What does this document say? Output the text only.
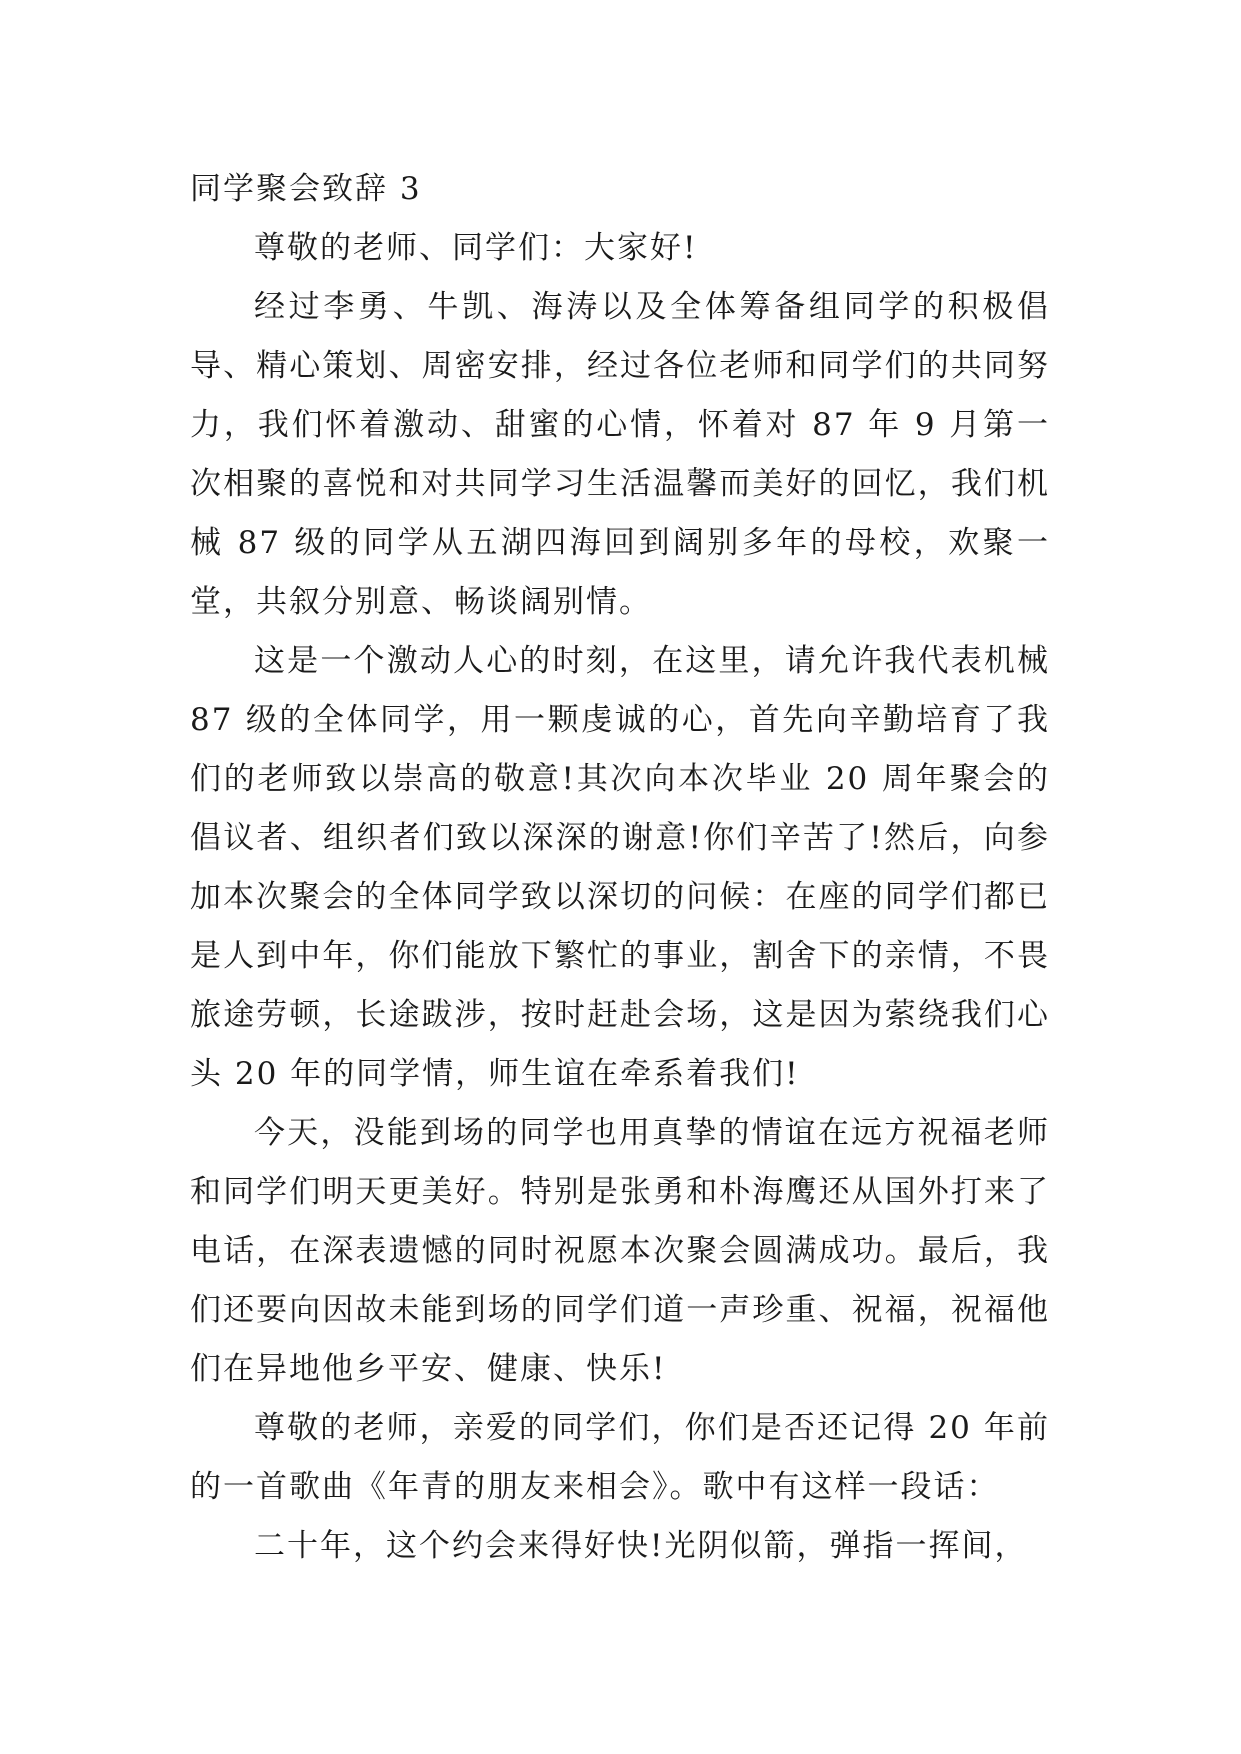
同学聚会致辞 3

尊敬的老师、同学们：大家好!

经过李勇、牛凯、海涛以及全体筹备组同学的积极倡导、精心策划、周密安排，经过各位老师和同学们的共同努力，我们怀着激动、甜蜜的心情，怀着对 87 年 9 月第一次相聚的喜悦和对共同学习生活温馨而美好的回忆，我们机械 87 级的同学从五湖四海回到阔别多年的母校，欢聚一堂，共叙分别意、畅谈阔别情。

这是一个激动人心的时刻，在这里，请允许我代表机械 87 级的全体同学，用一颗虔诚的心，首先向辛勤培育了我们的老师致以崇高的敬意!其次向本次毕业 20 周年聚会的倡议者、组织者们致以深深的谢意!你们辛苦了!然后，向参加本次聚会的全体同学致以深切的问候：在座的同学们都已是人到中年，你们能放下繁忙的事业，割舍下的亲情，不畏旅途劳顿，长途跋涉，按时赶赴会场，这是因为萦绕我们心头 20 年的同学情，师生谊在牵系着我们!

今天，没能到场的同学也用真挚的情谊在远方祝福老师和同学们明天更美好。特别是张勇和朴海鹰还从国外打来了电话，在深表遗憾的同时祝愿本次聚会圆满成功。最后，我们还要向因故未能到场的同学们道一声珍重、祝福，祝福他们在异地他乡平安、健康、快乐!

尊敬的老师，亲爱的同学们，你们是否还记得 20 年前的一首歌曲《年青的朋友来相会》。歌中有这样一段话：

二十年，这个约会来得好快!光阴似箭，弹指一挥间，
